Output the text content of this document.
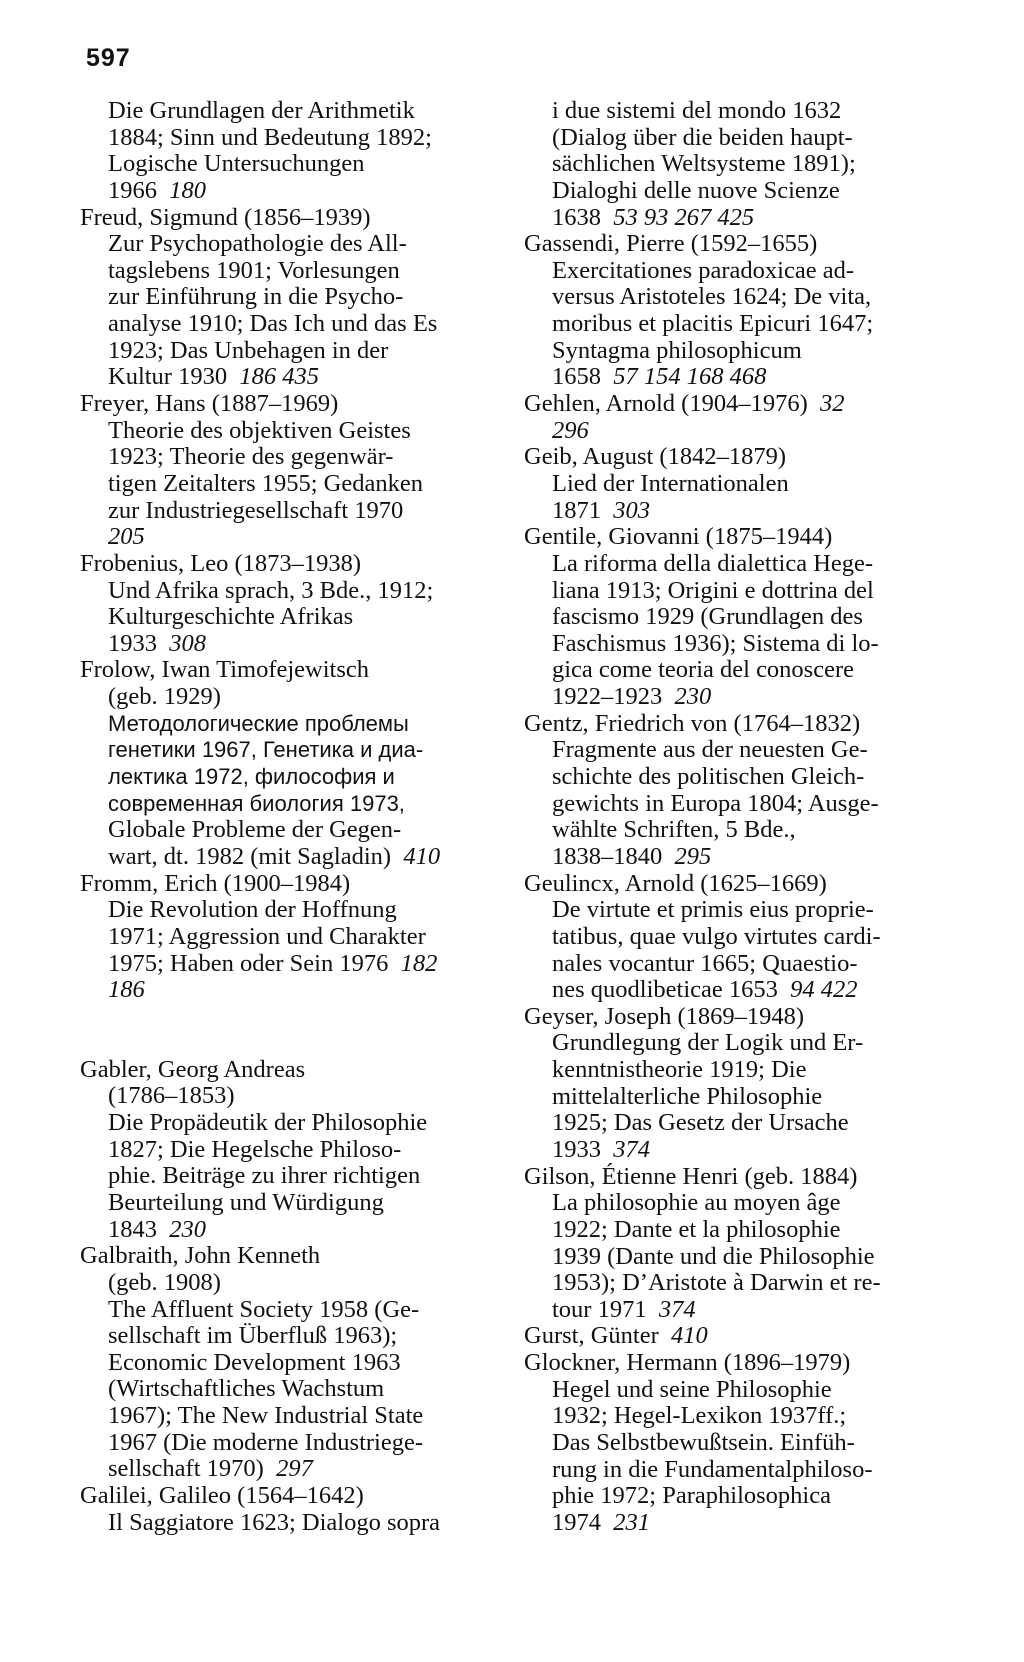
597
Die Grundlagen der Arithmetik
1884; Sinn und Bedeutung 1892;
Logische Untersuchungen
1966 180
Freud, Sigmund (1856–1939)
Zur Psychopathologie des All-
tagslebens 1901; Vorlesungen
zur Einführung in die Psycho-
analyse 1910; Das Ich und das Es
1923; Das Unbehagen in der
Kultur 1930 186 435
Freyer, Hans (1887–1969)
Theorie des objektiven Geistes
1923; Theorie des gegenwär-
tigen Zeitalters 1955; Gedanken
zur Industriegesellschaft 1970
205
Frobenius, Leo (1873–1938)
Und Afrika sprach, 3 Bde., 1912;
Kulturgeschichte Afrikas
1933 308
Frolow, Iwan Timofejewitsch
(geb. 1929)
Методологические проблемы
генетики 1967, Генетика и диа-
лектика 1972, философия и
современная биология 1973,
Globale Probleme der Gegen-
wart, dt. 1982 (mit Sagladin) 410
Fromm, Erich (1900–1984)
Die Revolution der Hoffnung
1971; Aggression und Charakter
1975; Haben oder Sein 1976 182
186
Gabler, Georg Andreas
(1786–1853)
Die Propädeutik der Philosophie
1827; Die Hegelsche Philoso-
phie. Beiträge zu ihrer richtigen
Beurteilung und Würdigung
1843 230
Galbraith, John Kenneth
(geb. 1908)
The Affluent Society 1958 (Ge-
sellschaft im Überfluß 1963);
Economic Development 1963
(Wirtschaftliches Wachstum
1967); The New Industrial State
1967 (Die moderne Industriege-
sellschaft 1970) 297
Galilei, Galileo (1564–1642)
Il Saggiatore 1623; Dialogo sopra
i due sistemi del mondo 1632
(Dialog über die beiden haupt-
sächlichen Weltsysteme 1891);
Dialoghi delle nuove Scienze
1638 53 93 267 425
Gassendi, Pierre (1592–1655)
Exercitationes paradoxicae ad-
versus Aristoteles 1624; De vita,
moribus et placitis Epicuri 1647;
Syntagma philosophicum
1658 57 154 168 468
Gehlen, Arnold (1904–1976) 32
296
Geib, August (1842–1879)
Lied der Internationalen
1871 303
Gentile, Giovanni (1875–1944)
La riforma della dialettica Hege-
liana 1913; Origini e dottrina del
fascismo 1929 (Grundlagen des
Faschismus 1936); Sistema di lo-
gica come teoria del conoscere
1922–1923 230
Gentz, Friedrich von (1764–1832)
Fragmente aus der neuesten Ge-
schichte des politischen Gleich-
gewichts in Europa 1804; Ausge-
wählte Schriften, 5 Bde.,
1838–1840 295
Geulincx, Arnold (1625–1669)
De virtute et primis eius proprie-
tatibus, quae vulgo virtutes cardi-
nales vocantur 1665; Quaestio-
nes quodlibeticae 1653 94 422
Geyser, Joseph (1869–1948)
Grundlegung der Logik und Er-
kenntnistheorie 1919; Die
mittelalterliche Philosophie
1925; Das Gesetz der Ursache
1933 374
Gilson, Étienne Henri (geb. 1884)
La philosophie au moyen âge
1922; Dante et la philosophie
1939 (Dante und die Philosophie
1953); D’Aristote à Darwin et re-
tour 1971 374
Gurst, Günter 410
Glockner, Hermann (1896–1979)
Hegel und seine Philosophie
1932; Hegel-Lexikon 1937ff.;
Das Selbstbewußtsein. Einfüh-
rung in die Fundamentalphiloso-
phie 1972; Paraphilosophica
1974 231
